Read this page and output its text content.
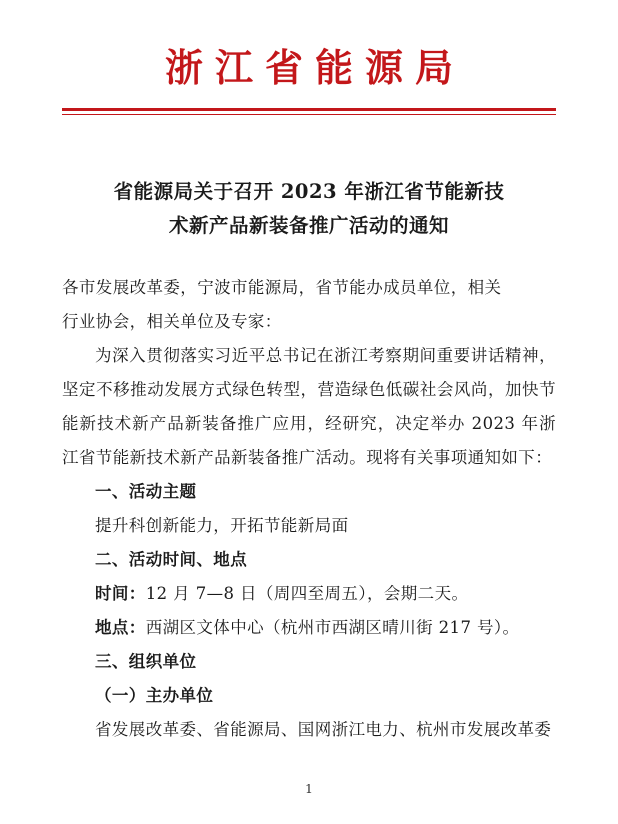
浙江省能源局
省能源局关于召开 2023 年浙江省节能新技
术新产品新装备推广活动的通知

各市发展改革委，宁波市能源局，省节能办成员单位，相关

行业协会，相关单位及专家：

为深入贯彻落实习近平总书记在浙江考察期间重要讲话精神，坚定不移推动发展方式绿色转型，营造绿色低碳社会风尚，加快节能新技术新产品新装备推广应用，经研究，决定举办 2023 年浙江省节能新技术新产品新装备推广活动。现将有关事项通知如下：

一、活动主题

提升科创新能力，开拓节能新局面

二、活动时间、地点

时间：12 月 7—8 日（周四至周五），会期二天。

地点：西湖区文体中心（杭州市西湖区晴川街 217 号）。

三、组织单位

（一）主办单位

省发展改革委、省能源局、国网浙江电力、杭州市发展改革委

1
